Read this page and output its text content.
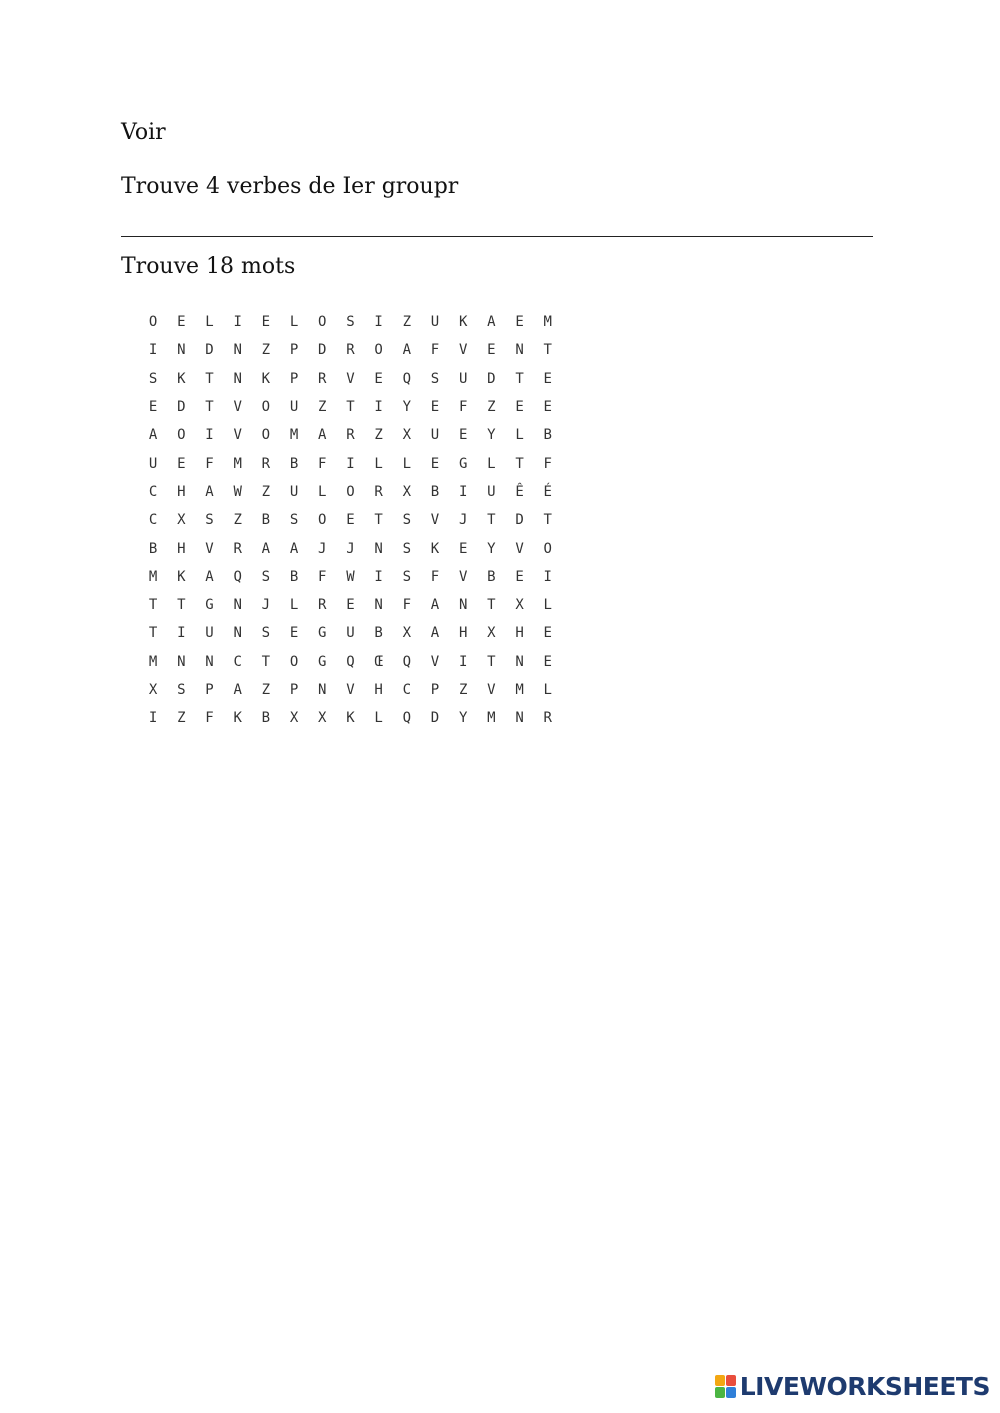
Voir

Trouve 4 verbes de Ier groupr

Trouve 18 mots

O	E	L	I	E	L	O	S	I	Z	U	K	A	E	M
I	N	D	N	Z	P	D	R	O	A	F	V	E	N	T
S	K	T	N	K	P	R	V	E	Q	S	U	D	T	E
E	D	T	V	O	U	Z	T	I	Y	E	F	Z	E	E
A	O	I	V	O	M	A	R	Z	X	U	E	Y	L	B
U	E	F	M	R	B	F	I	L	L	E	G	L	T	F
C	H	A	W	Z	U	L	O	R	X	B	I	U	Ê	É
C	X	S	Z	B	S	O	E	T	S	V	J	T	D	T
B	H	V	R	A	A	J	J	N	S	K	E	Y	V	O
M	K	A	Q	S	B	F	W	I	S	F	V	B	E	I
T	T	G	N	J	L	R	E	N	F	A	N	T	X	L
T	I	U	N	S	E	G	U	B	X	A	H	X	H	E
M	N	N	C	T	O	G	Q	Œ	Q	V	I	T	N	E
X	S	P	A	Z	P	N	V	H	C	P	Z	V	M	L
I	Z	F	K	B	X	X	K	L	Q	D	Y	M	N	R
LIVEWORKSHEETS
